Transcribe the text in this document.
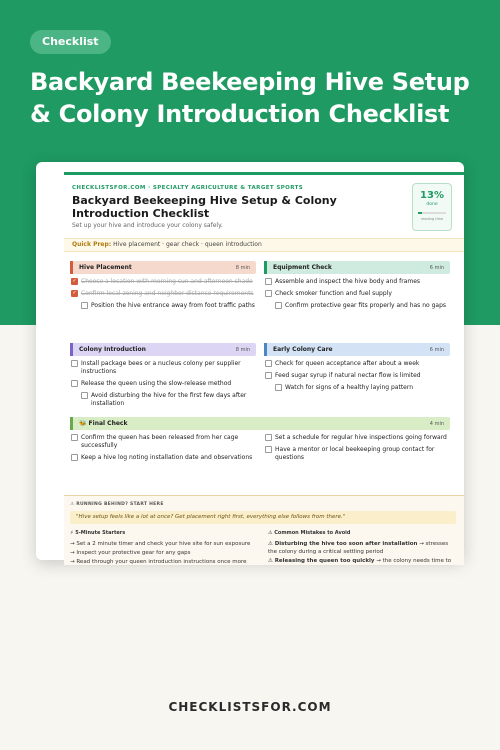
Checklist
Backyard Beekeeping Hive Setup & Colony Introduction Checklist
CHECKLISTSFOR.COM · SPECIALTY AGRICULTURE & TARGET SPORTS
Backyard Beekeeping Hive Setup & Colony Introduction Checklist
Set up your hive and introduce your colony safely.
13%
done
reading time
Quick Prep: Hive placement · gear check · queen introduction
Hive Placement	8 min
✓ Choose a location with morning sun and afternoon shade
✓ Confirm local zoning and neighbor distance requirements
Position the hive entrance away from foot traffic paths
Equipment Check	6 min
Assemble and inspect the hive body and frames
Check smoker function and fuel supply
Confirm protective gear fits properly and has no gaps
Colony Introduction	8 min
Install package bees or a nucleus colony per supplier instructions
Release the queen using the slow-release method
Avoid disturbing the hive for the first few days after installation
Early Colony Care	6 min
Check for queen acceptance after about a week
Feed sugar syrup if natural nectar flow is limited
Watch for signs of a healthy laying pattern
🐝 Final Check	4 min
Confirm the queen has been released from her cage successfully
Keep a hive log noting installation date and observations
Set a schedule for regular hive inspections going forward
Have a mentor or local beekeeping group contact for questions
⚠ RUNNING BEHIND? START HERE
"Hive setup feels like a lot at once? Get placement right first, everything else follows from there."
⚡ 5-Minute Starters
→ Set a 2 minute timer and check your hive site for sun exposure
→ Inspect your protective gear for any gaps
→ Read through your queen introduction instructions once more
⚠ Common Mistakes to Avoid
⚠ Disturbing the hive too soon after installation → stresses the colony during a critical settling period
⚠ Releasing the queen too quickly → the colony needs time to
CHECKLISTSFOR.COM
